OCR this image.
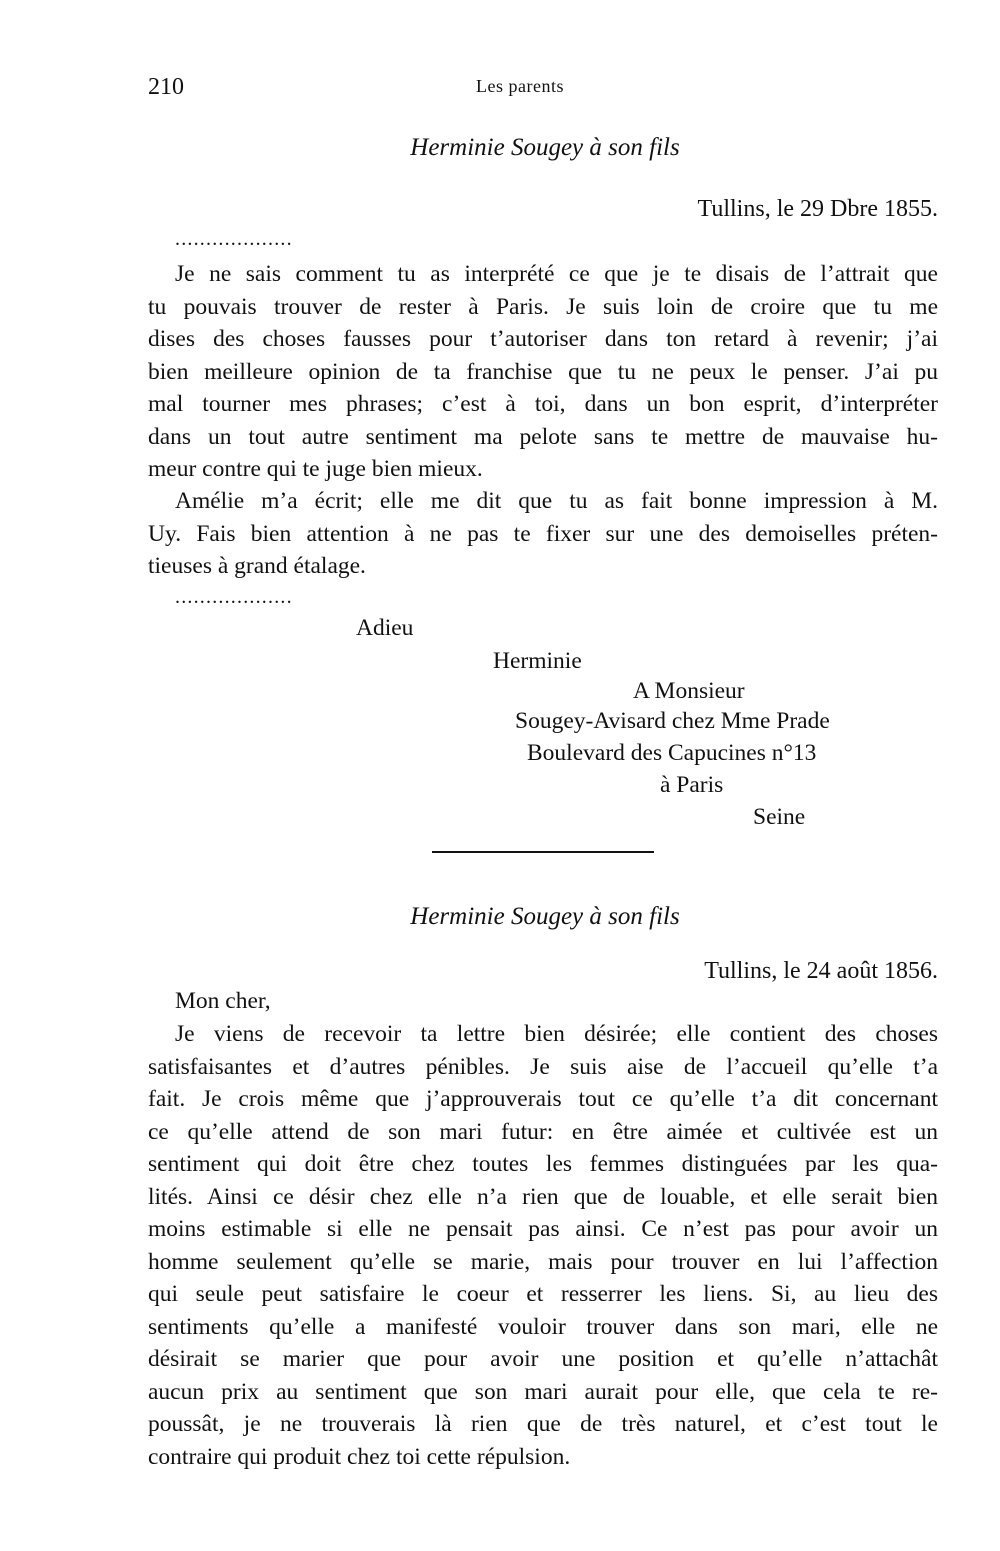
210	Les parents
Herminie Sougey à son fils
Tullins, le 29 Dbre 1855.
...................
Je ne sais comment tu as interprété ce que je te disais de l’attrait que
tu pouvais trouver de rester à Paris. Je suis loin de croire que tu me
dises des choses fausses pour t’autoriser dans ton retard à revenir; j’ai
bien meilleure opinion de ta franchise que tu ne peux le penser. J’ai pu
mal tourner mes phrases; c’est à toi, dans un bon esprit, d’interpréter
dans un tout autre sentiment ma pelote sans te mettre de mauvaise hu-
meur contre qui te juge bien mieux.
Amélie m’a écrit; elle me dit que tu as fait bonne impression à M.
Uy. Fais bien attention à ne pas te fixer sur une des demoiselles préten-
tieuses à grand étalage.
...................
Adieu
Herminie
A Monsieur
Sougey-Avisard chez Mme Prade
Boulevard des Capucines n°13
à Paris
Seine
Herminie Sougey à son fils
Tullins, le 24 août 1856.
Mon cher,
Je viens de recevoir ta lettre bien désirée; elle contient des choses
satisfaisantes et d’autres pénibles. Je suis aise de l’accueil qu’elle t’a
fait. Je crois même que j’approuverais tout ce qu’elle t’a dit concernant
ce qu’elle attend de son mari futur: en être aimée et cultivée est un
sentiment qui doit être chez toutes les femmes distinguées par les qua-
lités. Ainsi ce désir chez elle n’a rien que de louable, et elle serait bien
moins estimable si elle ne pensait pas ainsi. Ce n’est pas pour avoir un
homme seulement qu’elle se marie, mais pour trouver en lui l’affection
qui seule peut satisfaire le coeur et resserrer les liens. Si, au lieu des
sentiments qu’elle a manifesté vouloir trouver dans son mari, elle ne
désirait se marier que pour avoir une position et qu’elle n’attachât
aucun prix au sentiment que son mari aurait pour elle, que cela te re-
poussât, je ne trouverais là rien que de très naturel, et c’est tout le
contraire qui produit chez toi cette répulsion.
